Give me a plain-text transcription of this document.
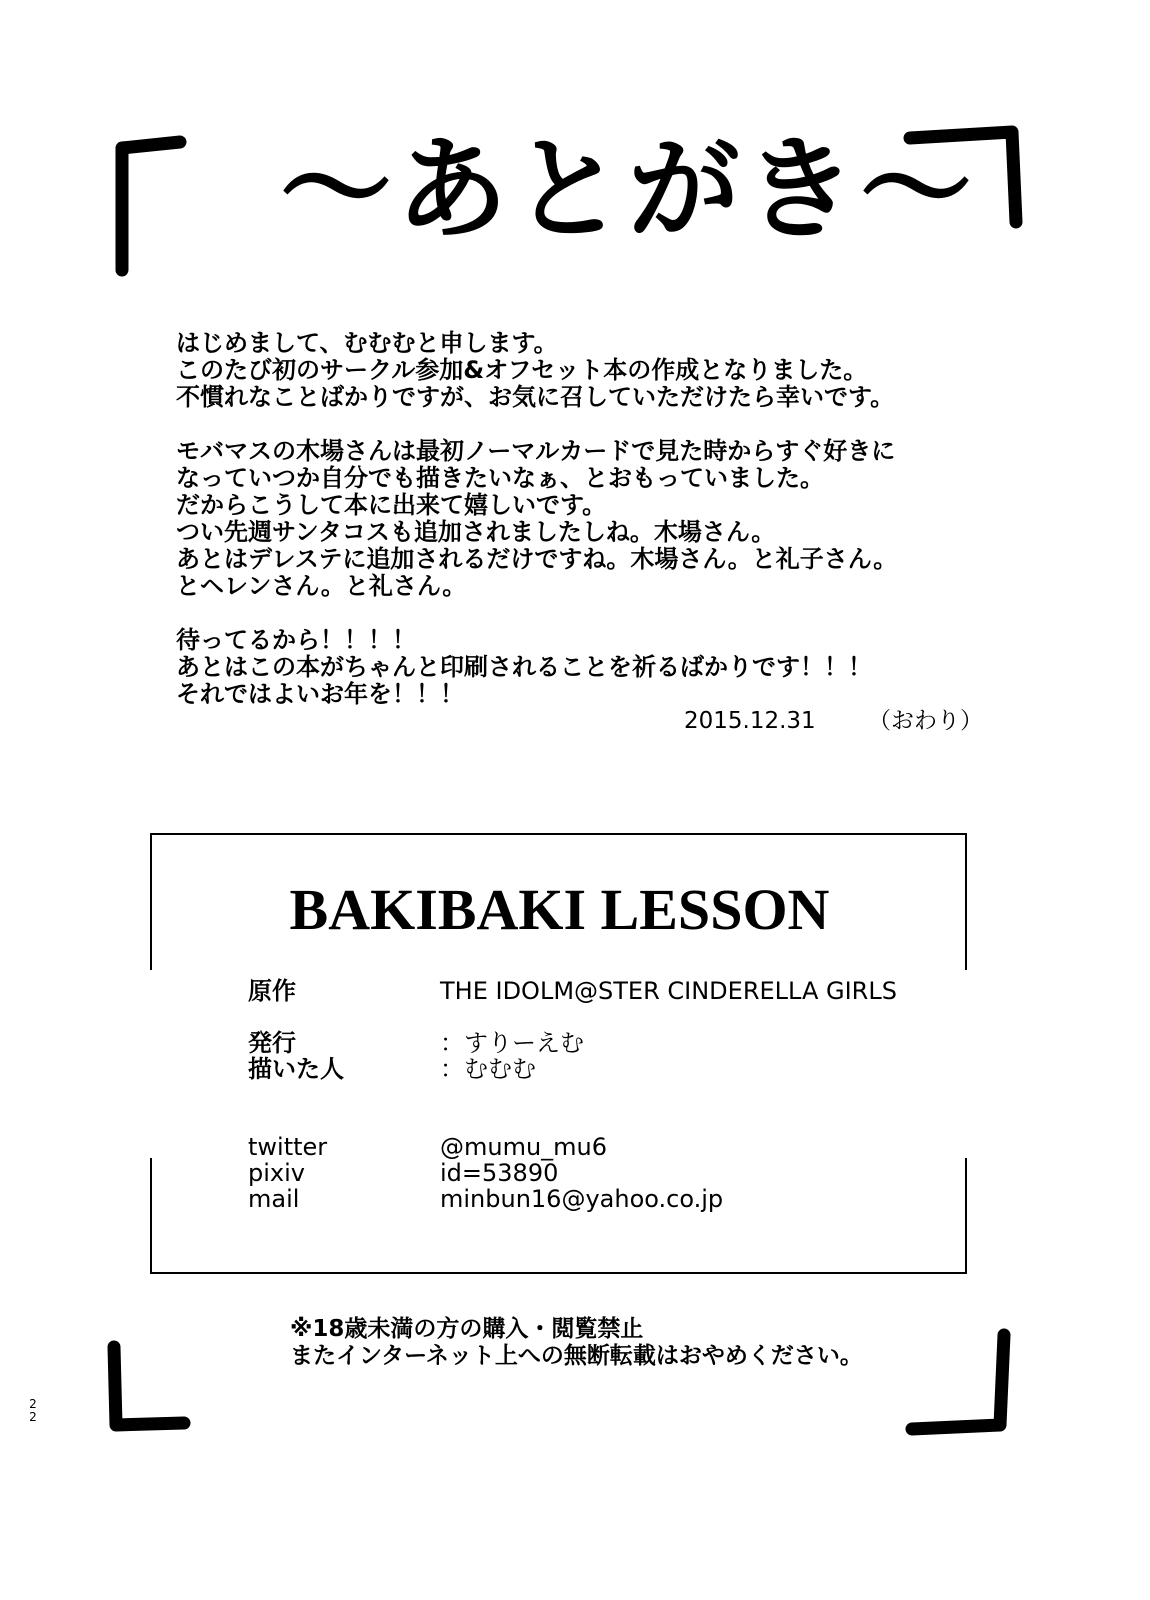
〜あとがき〜
はじめまして、むむむと申します。
このたび初のサークル参加&オフセット本の作成となりました。
不慣れなことばかりですが、お気に召していただけたら幸いです。
モバマスの木場さんは最初ノーマルカードで見た時からすぐ好きに
なっていつか自分でも描きたいなぁ、とおもっていました。
だからこうして本に出来て嬉しいです。
つい先週サンタコスも追加されましたしね。木場さん。
あとはデレステに追加されるだけですね。木場さん。と礼子さん。
とヘレンさん。と礼さん。
待ってるから！！！！
あとはこの本がちゃんと印刷されることを祈るばかりです！！！
それではよいお年を！！！
2015.12.31 （おわり）
BAKIBAKI LESSON
原作	THE IDOLM@STER CINDERELLA GIRLS
発行	：すりーえむ
描いた人	：むむむ
twitter	@mumu_mu6
pixiv	id=53890
mail	minbun16@yahoo.co.jp
※18歳未満の方の購入・閲覧禁止
またインターネット上への無断転載はおやめください。
2
2
